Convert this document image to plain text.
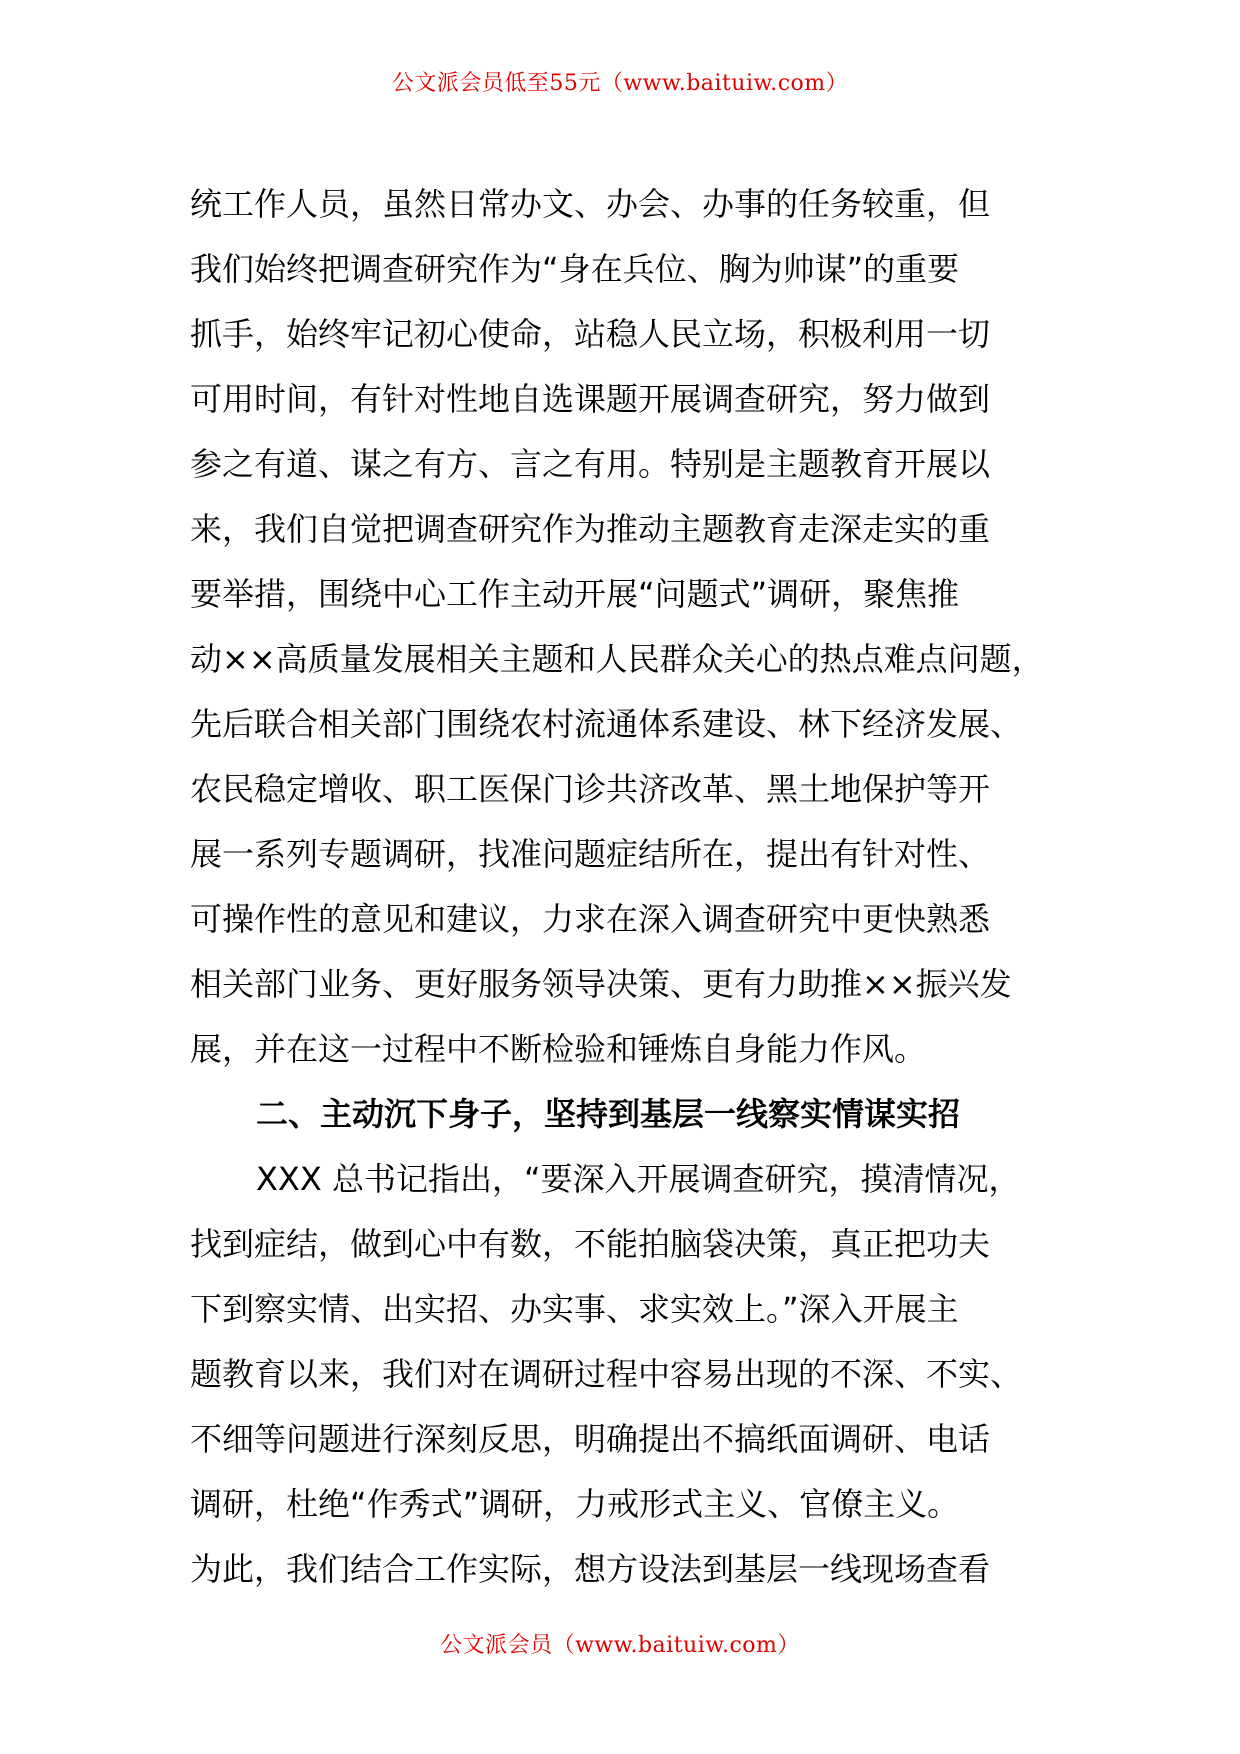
公文派会员低至55元（www.baituiw.com）
统工作人员，虽然日常办文、办会、办事的任务较重，但
我们始终把调查研究作为“身在兵位、胸为帅谋”的重要
抓手，始终牢记初心使命，站稳人民立场，积极利用一切
可用时间，有针对性地自选课题开展调查研究，努力做到
参之有道、谋之有方、言之有用。特别是主题教育开展以
来，我们自觉把调查研究作为推动主题教育走深走实的重
要举措，围绕中心工作主动开展“问题式”调研，聚焦推
动××高质量发展相关主题和人民群众关心的热点难点问题，
先后联合相关部门围绕农村流通体系建设、林下经济发展、
农民稳定增收、职工医保门诊共济改革、黑土地保护等开
展一系列专题调研，找准问题症结所在，提出有针对性、
可操作性的意见和建议，力求在深入调查研究中更快熟悉
相关部门业务、更好服务领导决策、更有力助推××振兴发
展，并在这一过程中不断检验和锤炼自身能力作风。
二、主动沉下身子，坚持到基层一线察实情谋实招
XXX 总书记指出，“要深入开展调查研究，摸清情况，
找到症结，做到心中有数，不能拍脑袋决策，真正把功夫
下到察实情、出实招、办实事、求实效上。”深入开展主
题教育以来，我们对在调研过程中容易出现的不深、不实、
不细等问题进行深刻反思，明确提出不搞纸面调研、电话
调研，杜绝“作秀式”调研，力戒形式主义、官僚主义。
为此，我们结合工作实际，想方设法到基层一线现场查看
公文派会员（www.baituiw.com）
